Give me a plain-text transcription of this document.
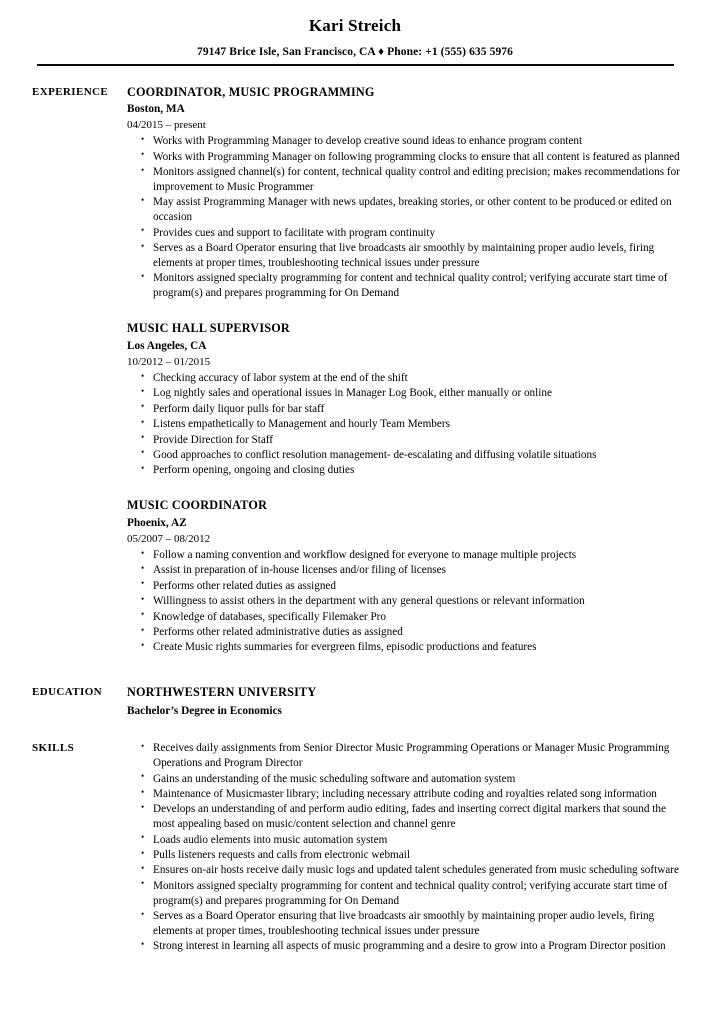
Kari Streich
79147 Brice Isle, San Francisco, CA ♦ Phone: +1 (555) 635 5976
EXPERIENCE	COORDINATOR, MUSIC PROGRAMMING
Boston, MA
04/2015 – present
• Works with Programming Manager to develop creative sound ideas to enhance program content
• Works with Programming Manager on following programming clocks to ensure that all content is featured as planned
• Monitors assigned channel(s) for content, technical quality control and editing precision; makes recommendations for improvement to Music Programmer
• May assist Programming Manager with news updates, breaking stories, or other content to be produced or edited on occasion
• Provides cues and support to facilitate with program continuity
• Serves as a Board Operator ensuring that live broadcasts air smoothly by maintaining proper audio levels, firing elements at proper times, troubleshooting technical issues under pressure
• Monitors assigned specialty programming for content and technical quality control; verifying accurate start time of program(s) and prepares programming for On Demand
MUSIC HALL SUPERVISOR
Los Angeles, CA
10/2012 – 01/2015
• Checking accuracy of labor system at the end of the shift
• Log nightly sales and operational issues in Manager Log Book, either manually or online
• Perform daily liquor pulls for bar staff
• Listens empathetically to Management and hourly Team Members
• Provide Direction for Staff
• Good approaches to conflict resolution management- de-escalating and diffusing volatile situations
• Perform opening, ongoing and closing duties
MUSIC COORDINATOR
Phoenix, AZ
05/2007 – 08/2012
• Follow a naming convention and workflow designed for everyone to manage multiple projects
• Assist in preparation of in-house licenses and/or filing of licenses
• Performs other related duties as assigned
• Willingness to assist others in the department with any general questions or relevant information
• Knowledge of databases, specifically Filemaker Pro
• Performs other related administrative duties as assigned
• Create Music rights summaries for evergreen films, episodic productions and features
EDUCATION	NORTHWESTERN UNIVERSITY
Bachelor’s Degree in Economics
SKILLS	• Receives daily assignments from Senior Director Music Programming Operations or Manager Music Programming Operations and Program Director
• Gains an understanding of the music scheduling software and automation system
• Maintenance of Musicmaster library; including necessary attribute coding and royalties related song information
• Develops an understanding of and perform audio editing, fades and inserting correct digital markers that sound the most appealing based on music/content selection and channel genre
• Loads audio elements into music automation system
• Pulls listeners requests and calls from electronic webmail
• Ensures on-air hosts receive daily music logs and updated talent schedules generated from music scheduling software
• Monitors assigned specialty programming for content and technical quality control; verifying accurate start time of program(s) and prepares programming for On Demand
• Serves as a Board Operator ensuring that live broadcasts air smoothly by maintaining proper audio levels, firing elements at proper times, troubleshooting technical issues under pressure
• Strong interest in learning all aspects of music programming and a desire to grow into a Program Director position
